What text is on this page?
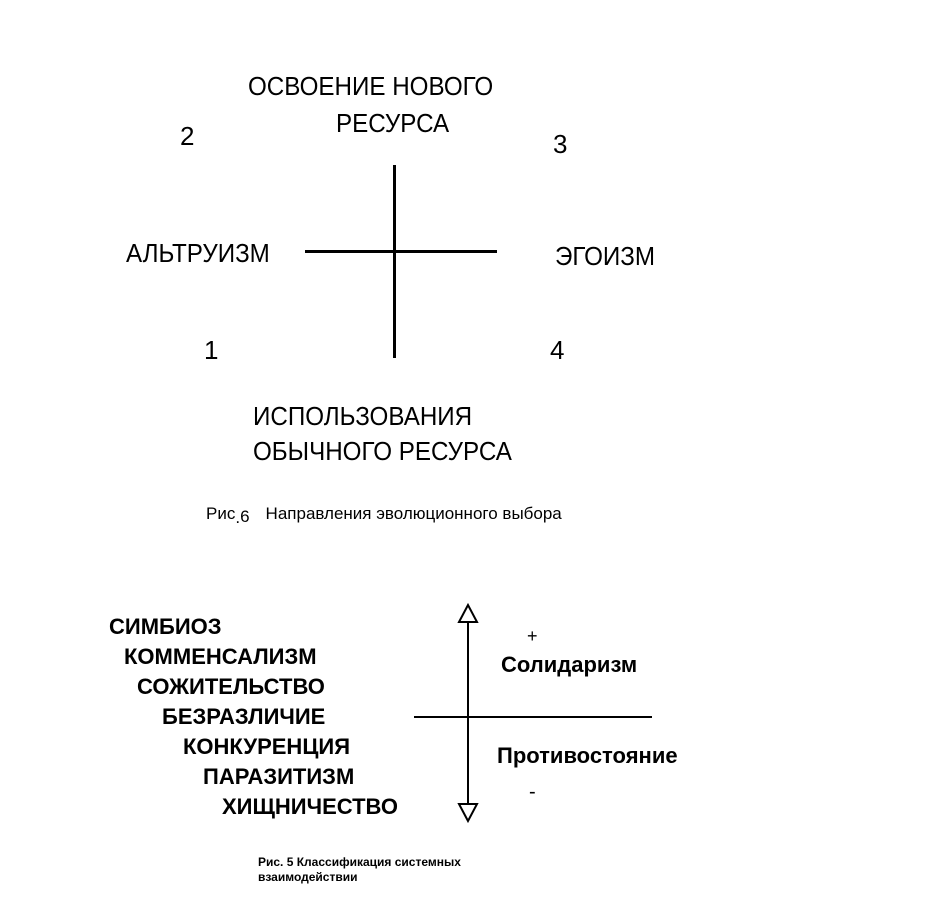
ОСВОЕНИЕ НОВОГО
РЕСУРСА
2	3
АЛЬТРУИЗМ	ЭГОИЗМ
1	4
ИСПОЛЬЗОВАНИЯ
ОБЫЧНОГО РЕСУРСА
Рис.6 Направления эволюционного выбора
СИМБИОЗ
КОММЕНСАЛИЗМ
СОЖИТЕЛЬСТВО
БЕЗРАЗЛИЧИЕ
КОНКУРЕНЦИЯ
ПАРАЗИТИЗМ
ХИЩНИЧЕСТВО
+
Солидаризм
Противостояние
-
Рис. 5 Классификация системных
взаимодействии
